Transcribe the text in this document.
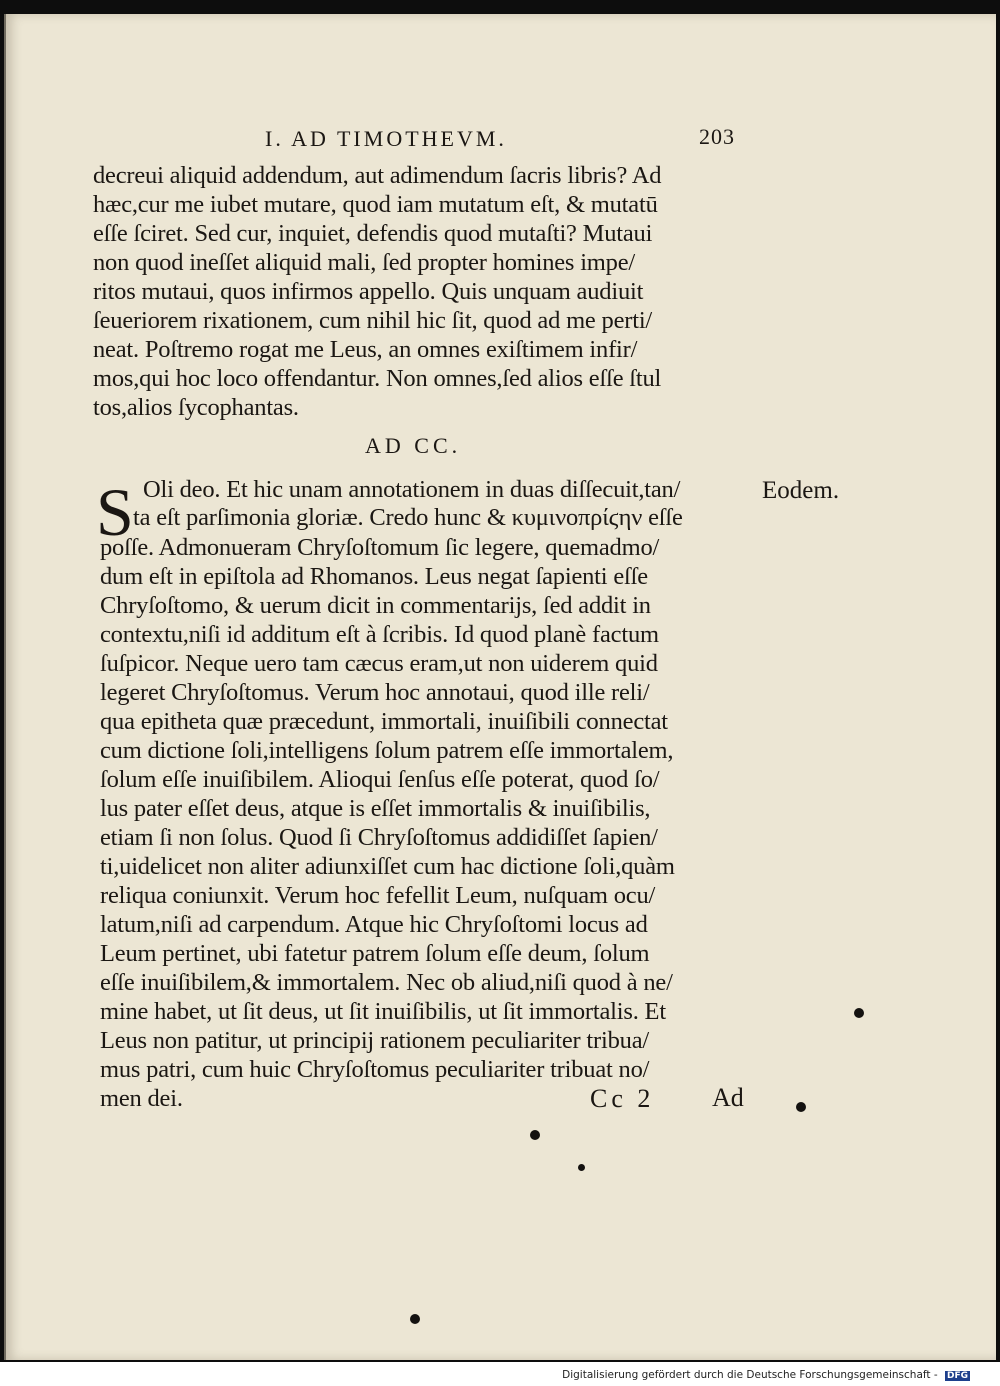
I. AD TIMOTHEVM.	203
decreui aliquid addendum, aut adimendum ſacris libris? Ad
hæc,cur me iubet mutare, quod iam mutatum eſt, & mutatū
eſſe ſciret. Sed cur, inquiet, defendis quod mutaſti? Mutaui
non quod ineſſet aliquid mali, ſed propter homines impe/
ritos mutaui, quos infirmos appello. Quis unquam audiuit
ſeueriorem rixationem, cum nihil hic ſit, quod ad me perti/
neat. Poſtremo rogat me Leus, an omnes exiſtimem infir/
mos,qui hoc loco offendantur. Non omnes,ſed alios eſſe ſtul
tos,alios ſycophantas.
AD CC.
S	Eodem.
Oli deo. Et hic unam annotationem in duas diſſecuit,tan/
ta eſt parſimonia gloriæ. Credo hunc & κυμινοπρίϛην eſſe
poſſe. Admonueram Chryſoſtomum ſic legere, quemadmo/
dum eſt in epiſtola ad Rhomanos. Leus negat ſapienti eſſe
Chryſoſtomo, & uerum dicit in commentarijs, ſed addit in
contextu,niſi id additum eſt à ſcribis. Id quod planè factum
ſuſpicor. Neque uero tam cæcus eram,ut non uiderem quid
legeret Chryſoſtomus. Verum hoc annotaui, quod ille reli/
qua epitheta quæ præcedunt, immortali, inuiſibili connectat
cum dictione ſoli,intelligens ſolum patrem eſſe immortalem,
ſolum eſſe inuiſibilem. Alioqui ſenſus eſſe poterat, quod ſo/
lus pater eſſet deus, atque is eſſet immortalis & inuiſibilis,
etiam ſi non ſolus. Quod ſi Chryſoſtomus addidiſſet ſapien/
ti,uidelicet non aliter adiunxiſſet cum hac dictione ſoli,quàm
reliqua coniunxit. Verum hoc fefellit Leum, nuſquam ocu/
latum,niſi ad carpendum. Atque hic Chryſoſtomi locus ad
Leum pertinet, ubi fatetur patrem ſolum eſſe deum, ſolum
eſſe inuiſibilem,& immortalem. Nec ob aliud,niſi quod à ne/
mine habet, ut ſit deus, ut ſit inuiſibilis, ut ſit immortalis. Et
Leus non patitur, ut principij rationem peculiariter tribua/
mus patri, cum huic Chryſoſtomus peculiariter tribuat no/
men dei.	Cc 2 Ad
Digitalisierung gefördert durch die Deutsche Forschungsgemeinschaft - DFG
